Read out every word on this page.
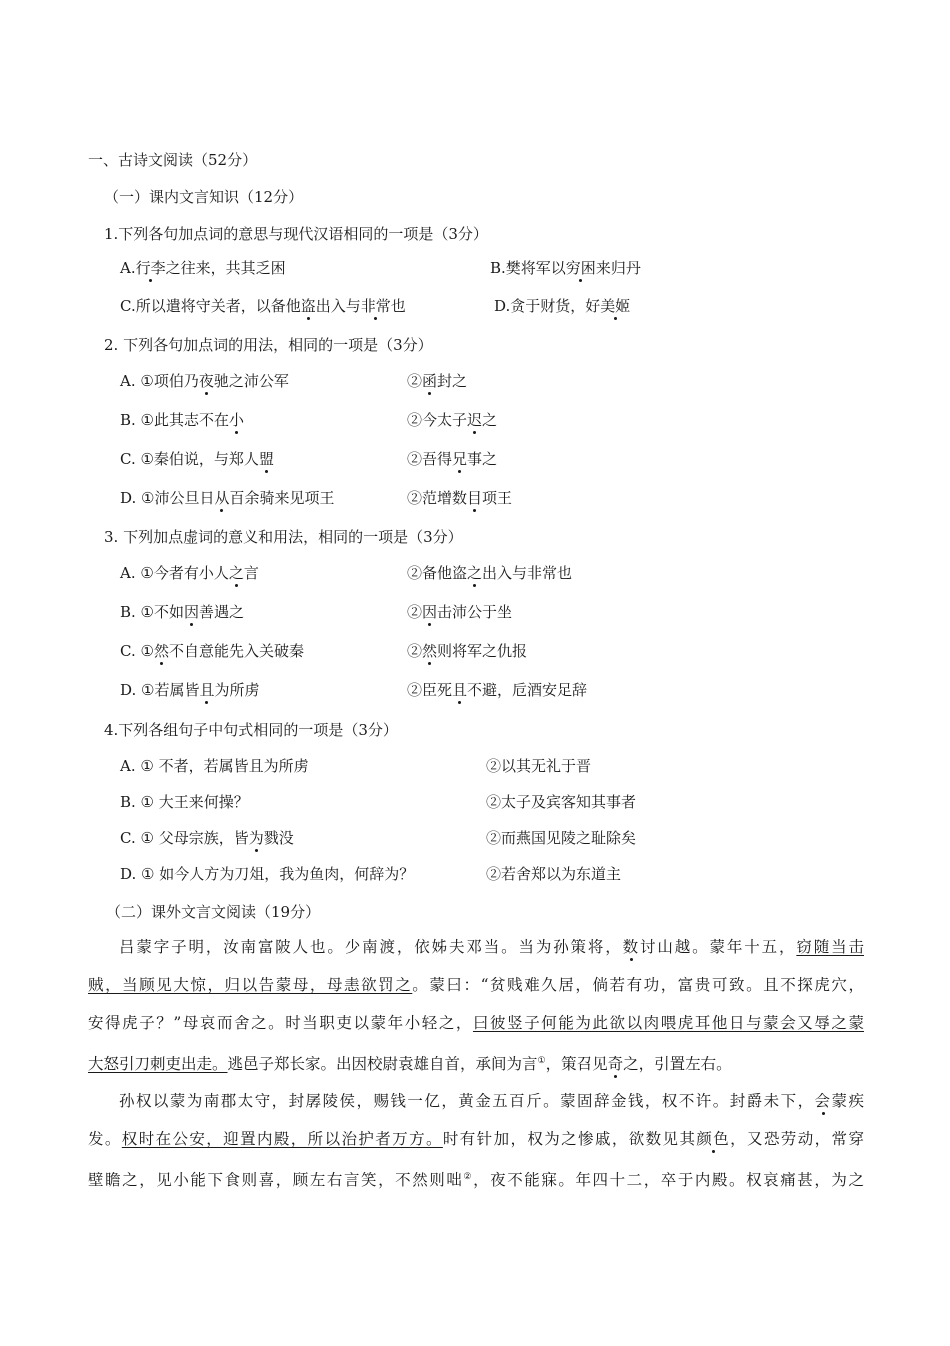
一、古诗文阅读（52分）
（一）课内文言知识（12分）
1.下列各句加点词的意思与现代汉语相同的一项是（3分）
A.行李之往来，共其乏困	B.樊将军以穷困来归丹
C.所以遣将守关者，以备他盗出入与非常也	D.贪于财货，好美姬
2. 下列各句加点词的用法，相同的一项是（3分）
A. ①项伯乃夜驰之沛公军	②函封之
B. ①此其志不在小	②今太子迟之
C. ①秦伯说，与郑人盟	②吾得兄事之
D. ①沛公旦日从百余骑来见项王	②范增数目项王
3. 下列加点虚词的意义和用法，相同的一项是（3分）
A. ①今者有小人之言	②备他盗之出入与非常也
B. ①不如因善遇之	②因击沛公于坐
C. ①然不自意能先入关破秦	②然则将军之仇报
D. ①若属皆且为所虏	②臣死且不避，卮酒安足辞
4.下列各组句子中句式相同的一项是（3分）
A. ① 不者，若属皆且为所虏	②以其无礼于晋
B. ① 大王来何操？	②太子及宾客知其事者
C. ① 父母宗族，皆为戮没	②而燕国见陵之耻除矣
D. ① 如今人方为刀俎，我为鱼肉，何辞为？	②若舍郑以为东道主
（二）课外文言文阅读（19分）
吕蒙字子明，汝南富陂人也。少南渡，依姊夫邓当。当为孙策将，数讨山越。蒙年十五，窃随当击
贼，当顾见大惊，归以告蒙母，母恚欲罚之。蒙曰：“贫贱难久居，倘若有功，富贵可致。且不探虎穴，
安得虎子？”母哀而舍之。时当职吏以蒙年小轻之，曰彼竖子何能为此欲以肉喂虎耳他日与蒙会又辱之蒙
大怒引刀刺吏出走。逃邑子郑长家。出因校尉袁雄自首，承间为言①，策召见奇之，引置左右。
孙权以蒙为南郡太守，封孱陵侯，赐钱一亿，黄金五百斤。蒙固辞金钱，权不许。封爵未下，会蒙疾
发。权时在公安，迎置内殿，所以治护者万方。时有针加，权为之惨戚，欲数见其颜色，又恐劳动，常穿
壁瞻之，见小能下食则喜，顾左右言笑，不然则咄②，夜不能寐。年四十二，卒于内殿。权哀痛甚，为之
